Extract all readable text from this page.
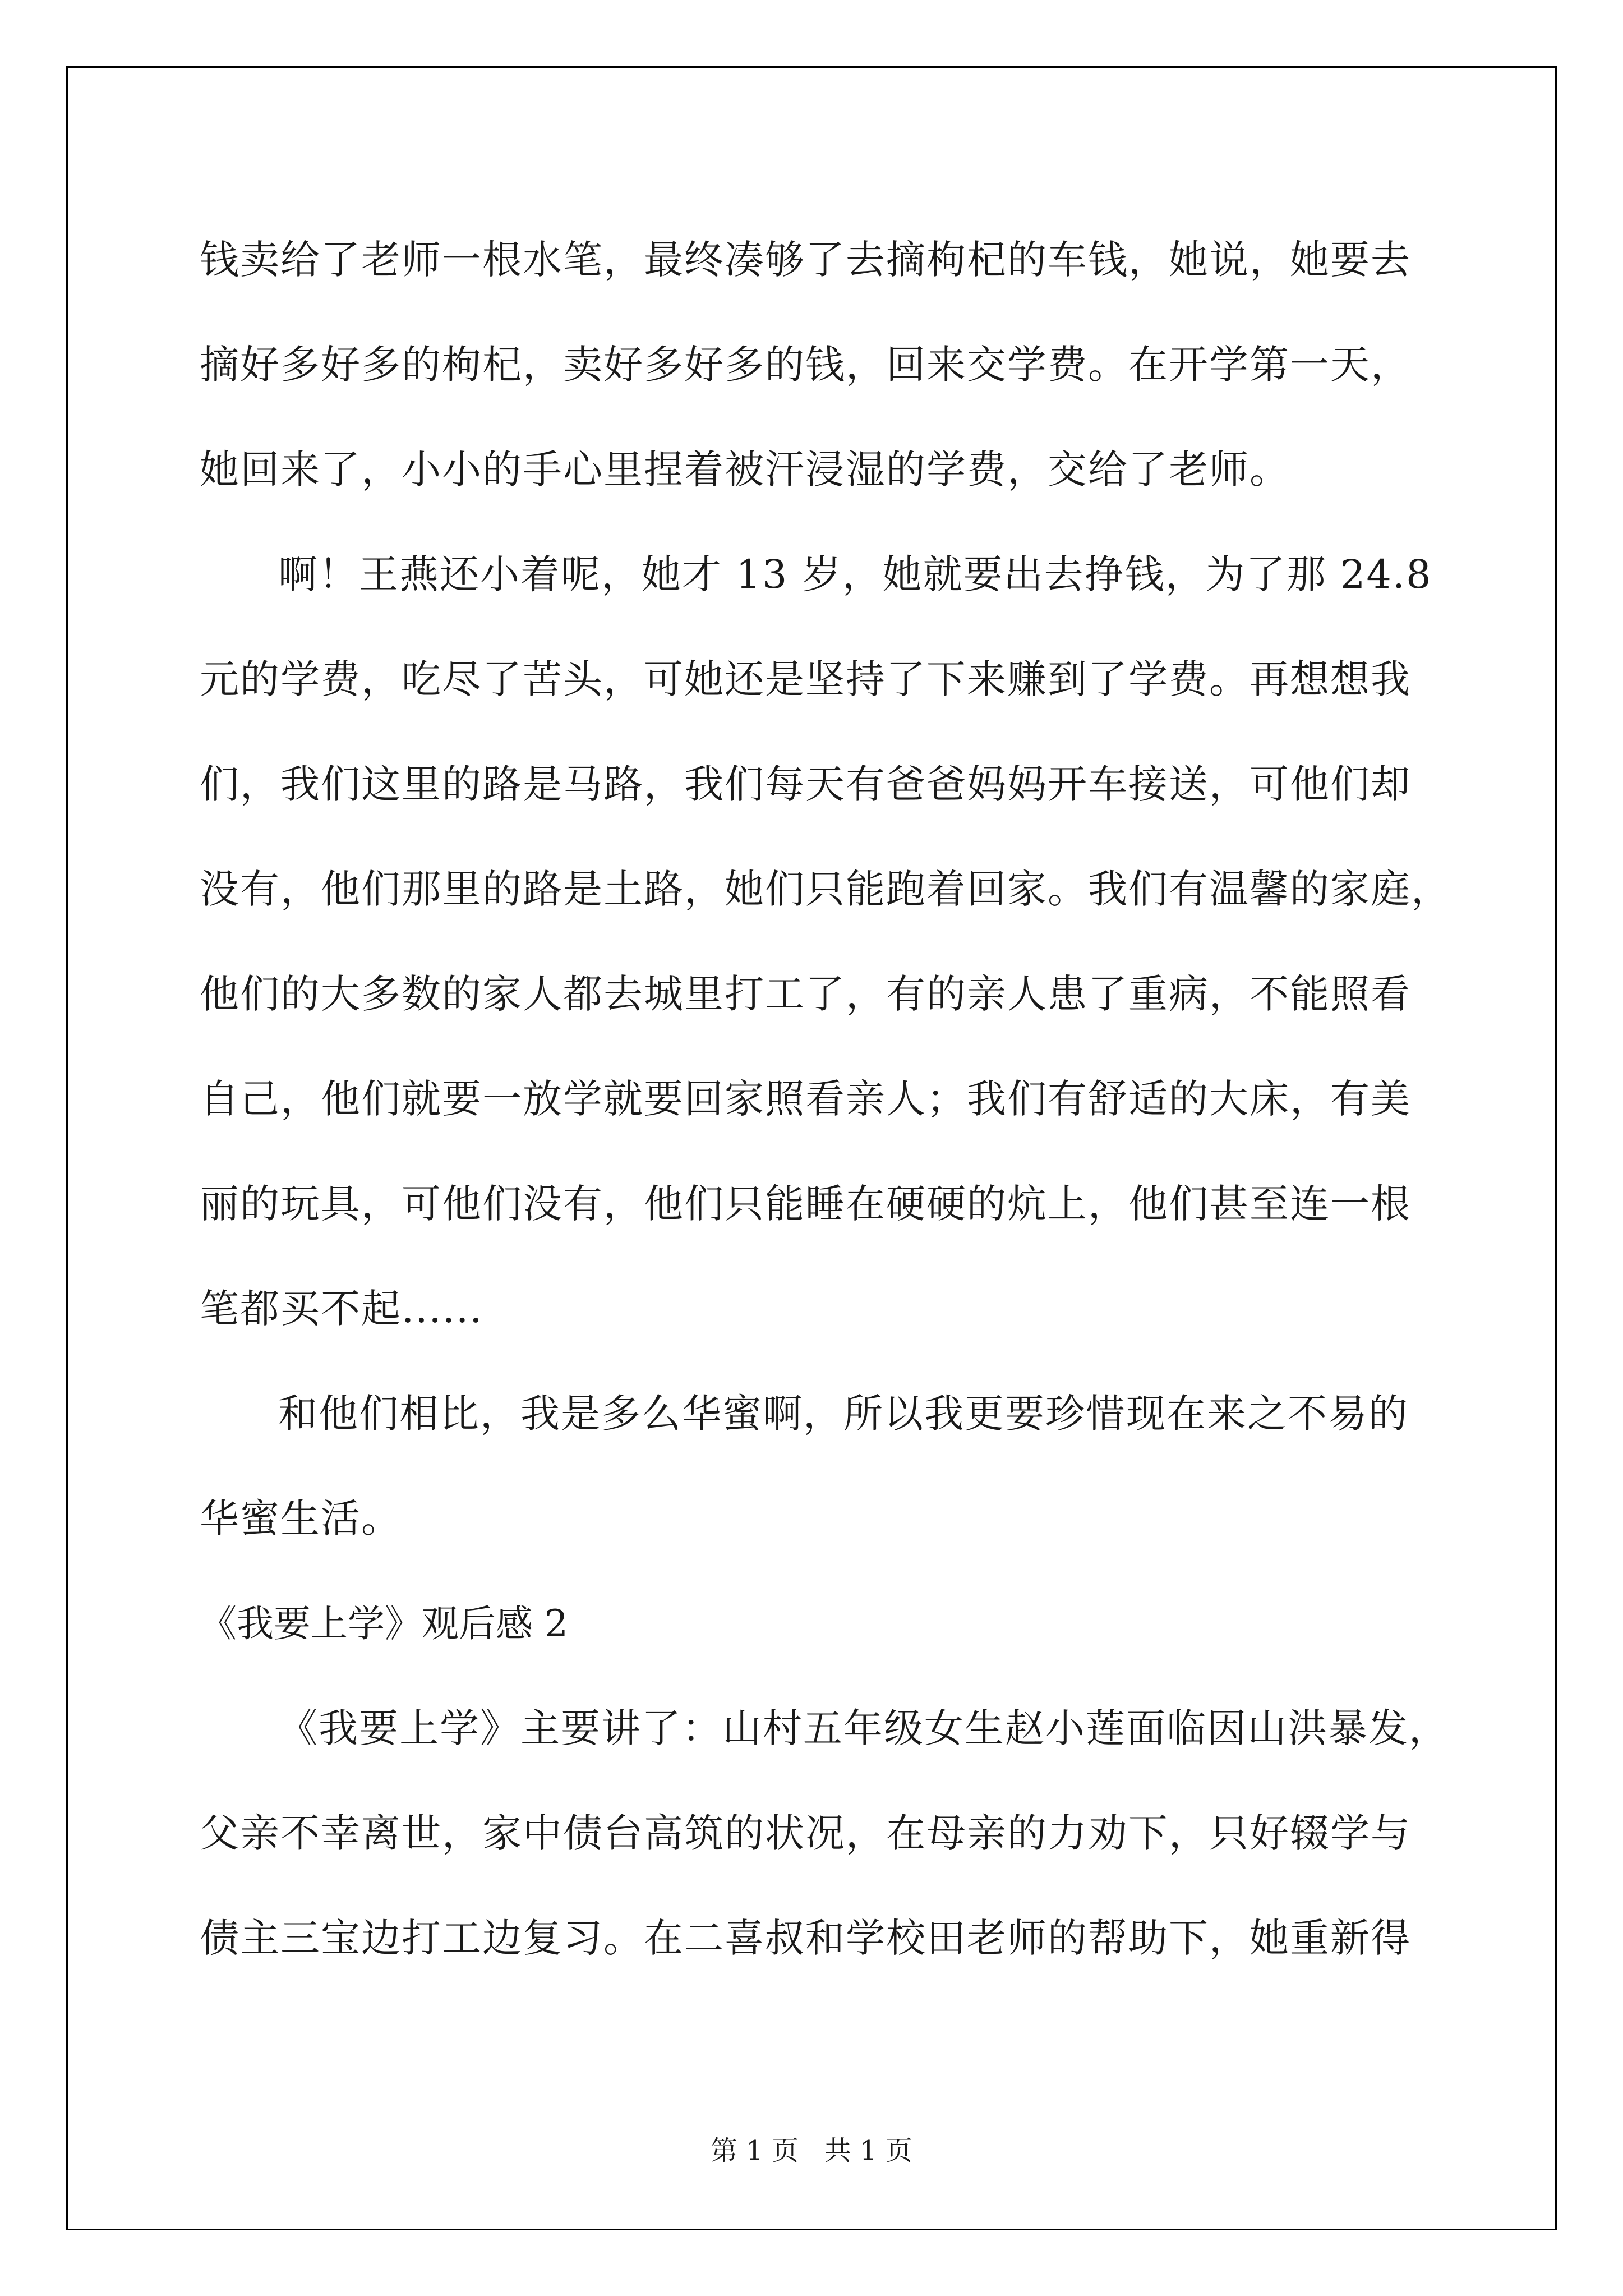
钱卖给了老师一根水笔，最终凑够了去摘枸杞的车钱，她说，她要去
摘好多好多的枸杞，卖好多好多的钱，回来交学费。在开学第一天，
她回来了，小小的手心里捏着被汗浸湿的学费，交给了老师。
啊！王燕还小着呢，她才 13 岁，她就要出去挣钱，为了那 24.8
元的学费，吃尽了苦头，可她还是坚持了下来赚到了学费。再想想我
们，我们这里的路是马路，我们每天有爸爸妈妈开车接送，可他们却
没有，他们那里的路是土路，她们只能跑着回家。我们有温馨的家庭，
他们的大多数的家人都去城里打工了，有的亲人患了重病，不能照看
自己，他们就要一放学就要回家照看亲人；我们有舒适的大床，有美
丽的玩具，可他们没有，他们只能睡在硬硬的炕上，他们甚至连一根
笔都买不起......
和他们相比，我是多么华蜜啊，所以我更要珍惜现在来之不易的
华蜜生活。
《我要上学》观后感 2
《我要上学》主要讲了：山村五年级女生赵小莲面临因山洪暴发，
父亲不幸离世，家中债台高筑的状况，在母亲的力劝下，只好辍学与
债主三宝边打工边复习。在二喜叔和学校田老师的帮助下，她重新得
第 1 页   共 1 页
